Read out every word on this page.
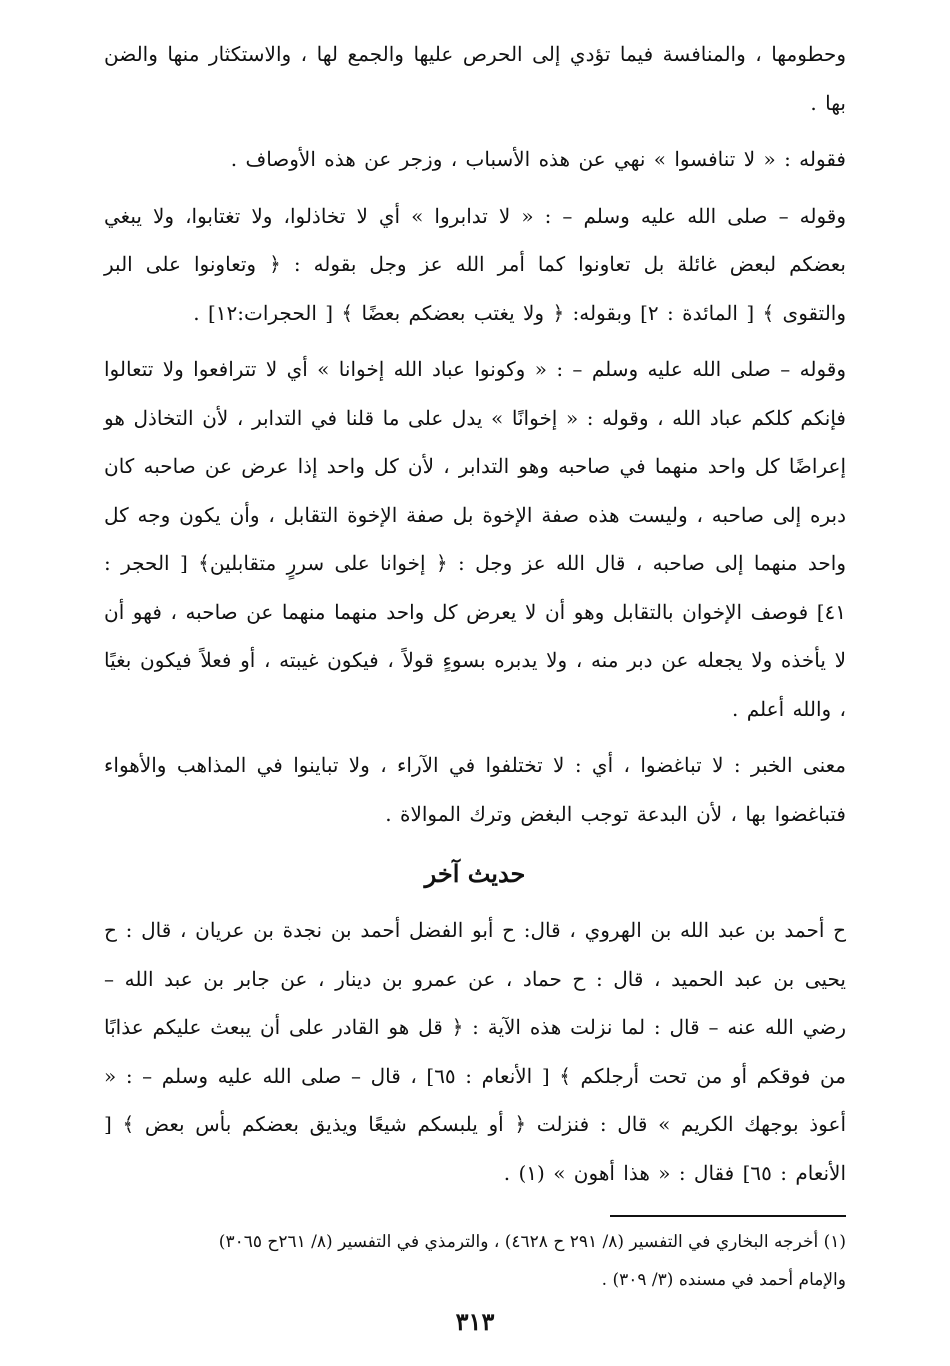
وحطومها ، والمنافسة فيما تؤدي إلى الحرص عليها والجمع لها ، والاستكثار منها والضن بها .

فقوله : « لا تنافسوا » نهي عن هذه الأسباب ، وزجر عن هذه الأوصاف .

وقوله – صلى الله عليه وسلم – : « لا تدابروا » أي لا تخاذلوا، ولا تغتابوا، ولا يبغي بعضكم لبعض غائلة بل تعاونوا كما أمر الله عز وجل بقوله : ﴿ وتعاونوا على البر والتقوى ﴾ [ المائدة : ٢] وبقوله: ﴿ ولا يغتب بعضكم بعضًا ﴾ [ الحجرات:١٢] .

وقوله – صلى الله عليه وسلم – : « وكونوا عباد الله إخوانا » أي لا تترافعوا ولا تتعالوا فإنكم كلكم عباد الله ، وقوله : « إخوانًا » يدل على ما قلنا في التدابر ، لأن التخاذل هو إعراضًا كل واحد منهما في صاحبه وهو التدابر ، لأن كل واحد إذا عرض عن صاحبه كان دبره إلى صاحبه ، وليست هذه صفة الإخوة بل صفة الإخوة التقابل ، وأن يكون وجه كل واحد منهما إلى صاحبه ، قال الله عز وجل : ﴿ إخوانا على سررٍ متقابلين﴾ [ الحجر : ٤١] فوصف الإخوان بالتقابل وهو أن لا يعرض كل واحد منهما منهما عن صاحبه ، فهو أن لا يأخذه ولا يجعله عن دبر منه ، ولا يدبره بسوءٍ قولاً ، فيكون غيبته ، أو فعلاً فيكون بغيًا ، والله أعلم .

معنى الخبر : لا تباغضوا ، أي : لا تختلفوا في الآراء ، ولا تباينوا في المذاهب والأهواء فتباغضوا بها ، لأن البدعة توجب البغض وترك الموالاة .

حديث آخر

ح أحمد بن عبد الله بن الهروي ، قال: ح أبو الفضل أحمد بن نجدة بن عريان ، قال : ح يحيى بن عبد الحميد ، قال : ح حماد ، عن عمرو بن دينار ، عن جابر بن عبد الله – رضي الله عنه – قال : لما نزلت هذه الآية : ﴿ قل هو القادر على أن يبعث عليكم عذابًا من فوقكم أو من تحت أرجلكم ﴾ [ الأنعام : ٦٥] ، قال – صلى الله عليه وسلم – : « أعوذ بوجهك الكريم » قال : فنزلت ﴿ أو يلبسكم شيعًا ويذيق بعضكم بأس بعض ﴾ [ الأنعام : ٦٥] فقال : « هذا أهون » (١) .

(١) أخرجه البخاري في التفسير (٨/ ٢٩١ ح ٤٦٢٨) ، والترمذي في التفسير (٨/ ٢٦١ح ٣٠٦٥)
والإمام أحمد في مسنده (٣/ ٣٠٩) .
٣١٣
